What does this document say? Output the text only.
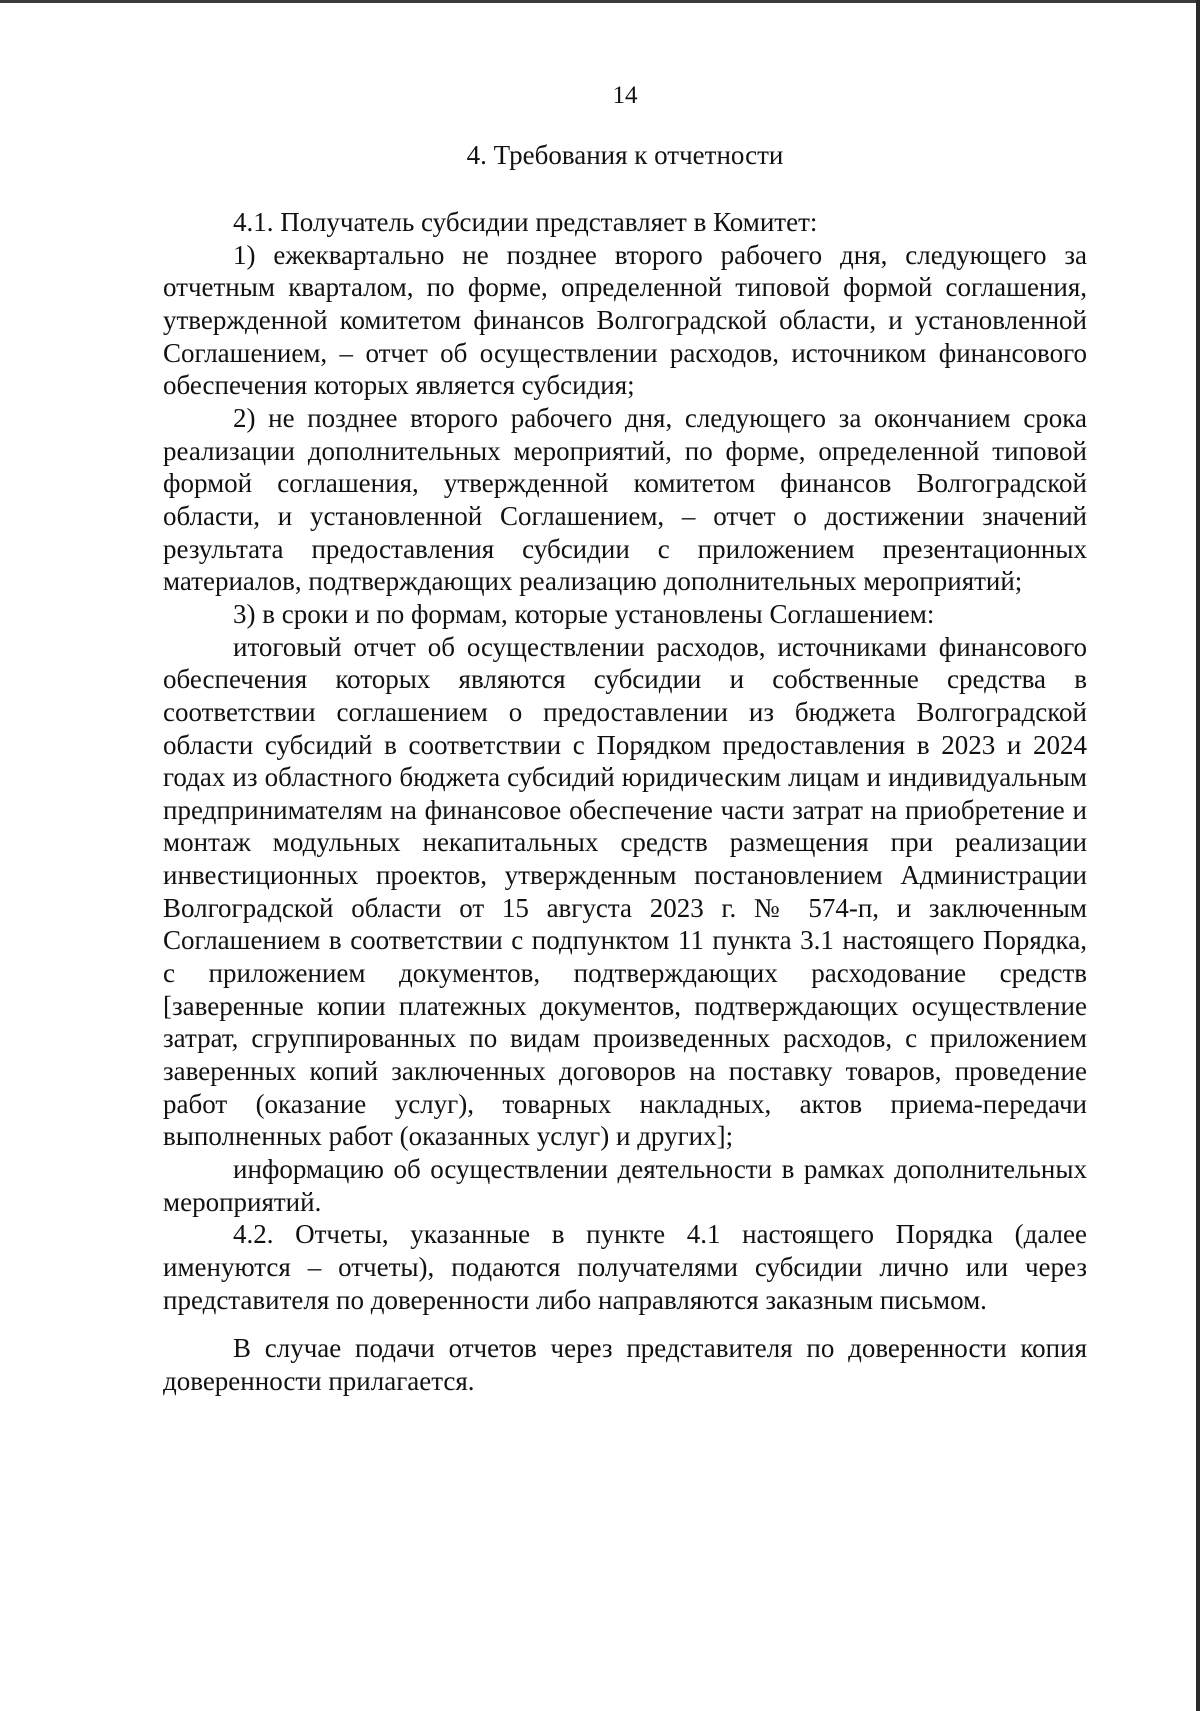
14
4. Требования к отчетности

4.1. Получатель субсидии представляет в Комитет:

1) ежеквартально не позднее второго рабочего дня, следующего за отчетным кварталом, по форме, определенной типовой формой соглашения, утвержденной комитетом финансов Волгоградской области, и установленной Соглашением, – отчет об осуществлении расходов, источником финансового обеспечения которых является субсидия;

2) не позднее второго рабочего дня, следующего за окончанием срока реализации дополнительных мероприятий, по форме, определенной типовой формой соглашения, утвержденной комитетом финансов Волгоградской области, и установленной Соглашением, – отчет о достижении значений результата предоставления субсидии с приложением презентационных материалов, подтверждающих реализацию дополнительных мероприятий;

3) в сроки и по формам, которые установлены Соглашением:

итоговый отчет об осуществлении расходов, источниками финансового обеспечения которых являются субсидии и собственные средства в соответствии соглашением о предоставлении из бюджета Волгоградской области субсидий в соответствии с Порядком предоставления в 2023 и 2024 годах из областного бюджета субсидий юридическим лицам и индивидуальным предпринимателям на финансовое обеспечение части затрат на приобретение и монтаж модульных некапитальных средств размещения при реализации инвестиционных проектов, утвержденным постановлением Администрации Волгоградской области от 15 августа 2023 г. № 574-п, и заключенным Соглашением в соответствии с подпунктом 11 пункта 3.1 настоящего Порядка, с приложением документов, подтверждающих расходование средств [заверенные копии платежных документов, подтверждающих осуществление затрат, сгруппированных по видам произведенных расходов, с приложением заверенных копий заключенных договоров на поставку товаров, проведение работ (оказание услуг), товарных накладных, актов приема-передачи выполненных работ (оказанных услуг) и других];

информацию об осуществлении деятельности в рамках дополнительных мероприятий.

4.2. Отчеты, указанные в пункте 4.1 настоящего Порядка (далее именуются – отчеты), подаются получателями субсидии лично или через представителя по доверенности либо направляются заказным письмом.

В случае подачи отчетов через представителя по доверенности копия доверенности прилагается.
